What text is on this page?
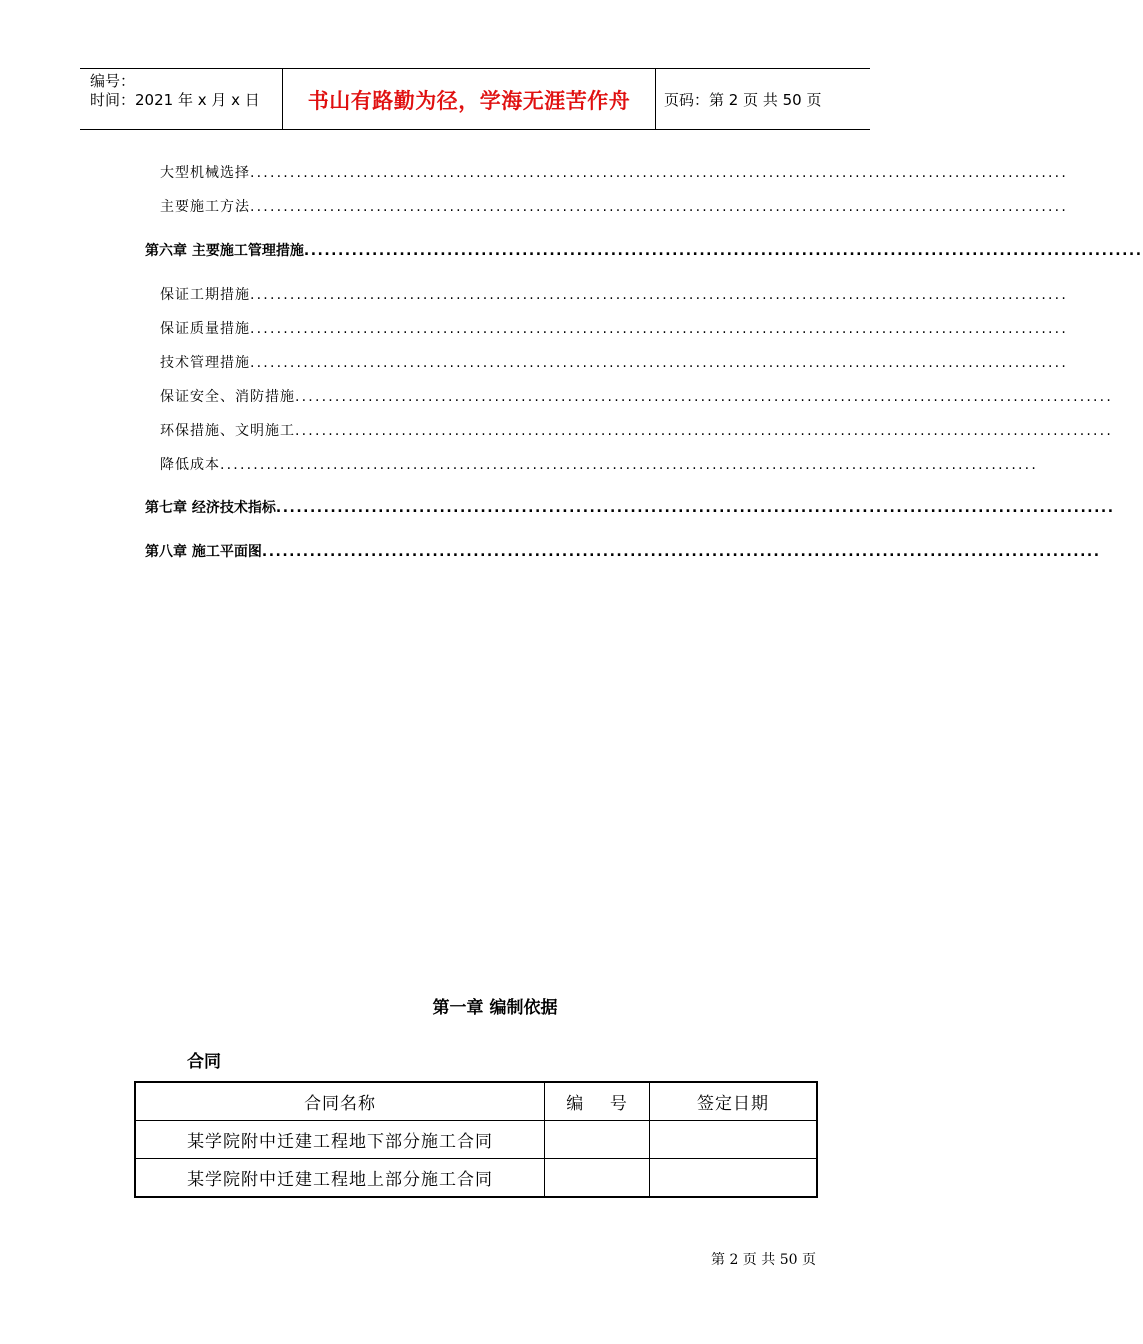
编号：
时间：2021 年 x 月 x 日	书山有路勤为径，学海无涯苦作舟	页码：第 2 页 共 50 页
大型机械选择 ...........................................................................................................................
主要施工方法 ...........................................................................................................................
第六章 主要施工管理措施 ...........................................................................................................................
保证工期措施 ...........................................................................................................................
保证质量措施 ...........................................................................................................................
技术管理措施 ...........................................................................................................................
保证安全、消防措施 ...........................................................................................................................
环保措施、文明施工 ...........................................................................................................................
降低成本 ...........................................................................................................................
第七章 经济技术指标 ...........................................................................................................................
第八章 施工平面图 ...........................................................................................................................
第一章 编制依据
合同
合同名称	编    号	签定日期
某学院附中迁建工程地下部分施工合同		
某学院附中迁建工程地上部分施工合同		
第 2 页 共 50 页
